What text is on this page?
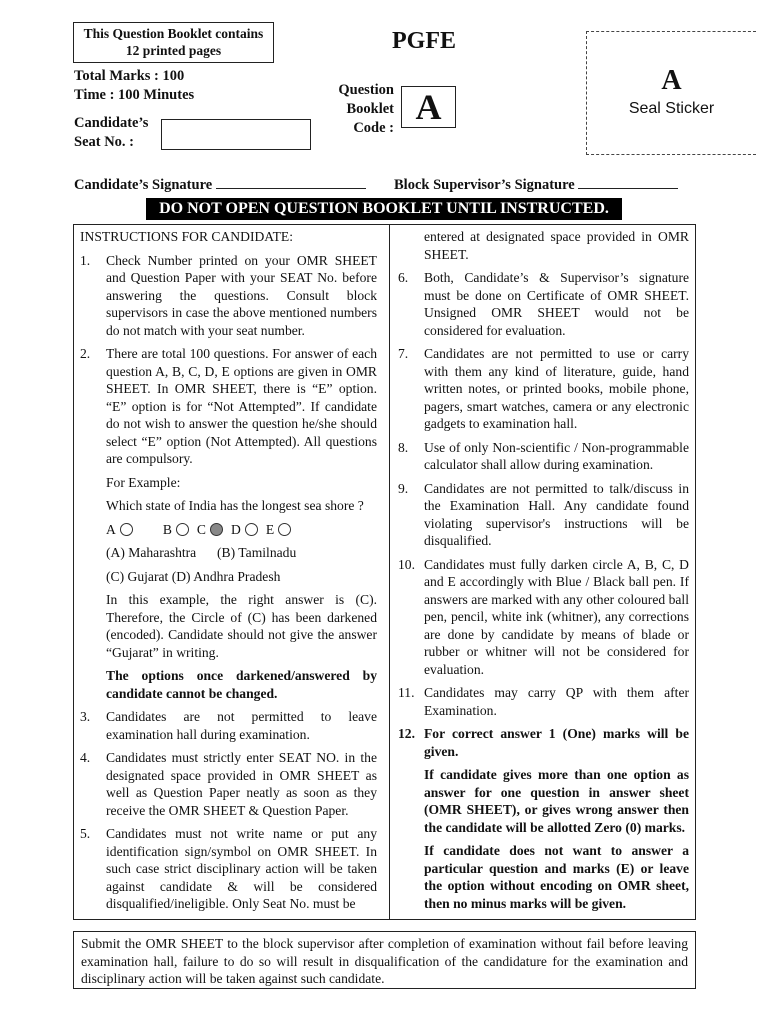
This Question Booklet contains
12 printed pages	PGFE
Total Marks : 100
Time : 100 Minutes
Candidate’s
Seat No. :
Question
Booklet
Code :
A
A
Seal Sticker
Candidate’s Signature	Block Supervisor’s Signature
DO NOT OPEN QUESTION BOOKLET UNTIL INSTRUCTED.
INSTRUCTIONS FOR CANDIDATE:
1.	Check Number printed on your OMR SHEET and Question Paper with your SEAT No. before answering the questions. Consult block supervisors in case the above mentioned numbers do not match with your seat number.
2.	There are total 100 questions. For answer of each question A, B, C, D, E options are given in OMR SHEET. In OMR SHEET, there is “E” option. “E” option is for “Not Attempted”. If candidate do not wish to answer the question he/she should select “E” option (Not Attempted). All questions are compulsory.

For Example:

Which state of India has the longest sea shore ?

A	B C D E

(A) Maharashtra (B) Tamilnadu

(C) Gujarat (D) Andhra Pradesh

In this example, the right answer is (C). Therefore, the Circle of (C) has been darkened (encoded). Candidate should not give the answer “Gujarat” in writing.

The options once darkened/answered by candidate cannot be changed.

3.	Candidates are not permitted to leave examination hall during examination.
4.	Candidates must strictly enter SEAT NO. in the designated space provided in OMR SHEET as well as Question Paper neatly as soon as they receive the OMR SHEET & Question Paper.
5.	Candidates must not write name or put any identification sign/symbol on OMR SHEET. In such case strict disciplinary action will be taken against candidate & will be considered disqualified/ineligible. Only Seat No. must be
entered at designated space provided in OMR SHEET.
6.	Both, Candidate’s & Supervisor’s signature must be done on Certificate of OMR SHEET. Unsigned OMR SHEET would not be considered for evaluation.
7.	Candidates are not permitted to use or carry with them any kind of literature, guide, hand written notes, or printed books, mobile phone, pagers, smart watches, camera or any electronic gadgets to examination hall.
8.	Use of only Non-scientific / Non-programmable calculator shall allow during examination.
9.	Candidates are not permitted to talk/discuss in the Examination Hall. Any candidate found violating supervisor's instructions will be disqualified.
10. Candidates must fully darken circle A, B, C, D and E accordingly with Blue / Black ball pen. If answers are marked with any other coloured ball pen, pencil, white ink (whitner), any corrections are done by candidate by means of blade or rubber or whitner will not be considered for evaluation.
11. Candidates may carry QP with them after Examination.
12. For correct answer 1 (One) marks will be given.

If candidate gives more than one option as answer for one question in answer sheet (OMR SHEET), or gives wrong answer then the candidate will be allotted Zero (0) marks.

If candidate does not want to answer a particular question and marks (E) or leave the option without encoding on OMR sheet, then no minus marks will be given.

Submit the OMR SHEET to the block supervisor after completion of examination without fail before leaving examination hall, failure to do so will result in disqualification of the candidature for the examination and disciplinary action will be taken against such candidate.
